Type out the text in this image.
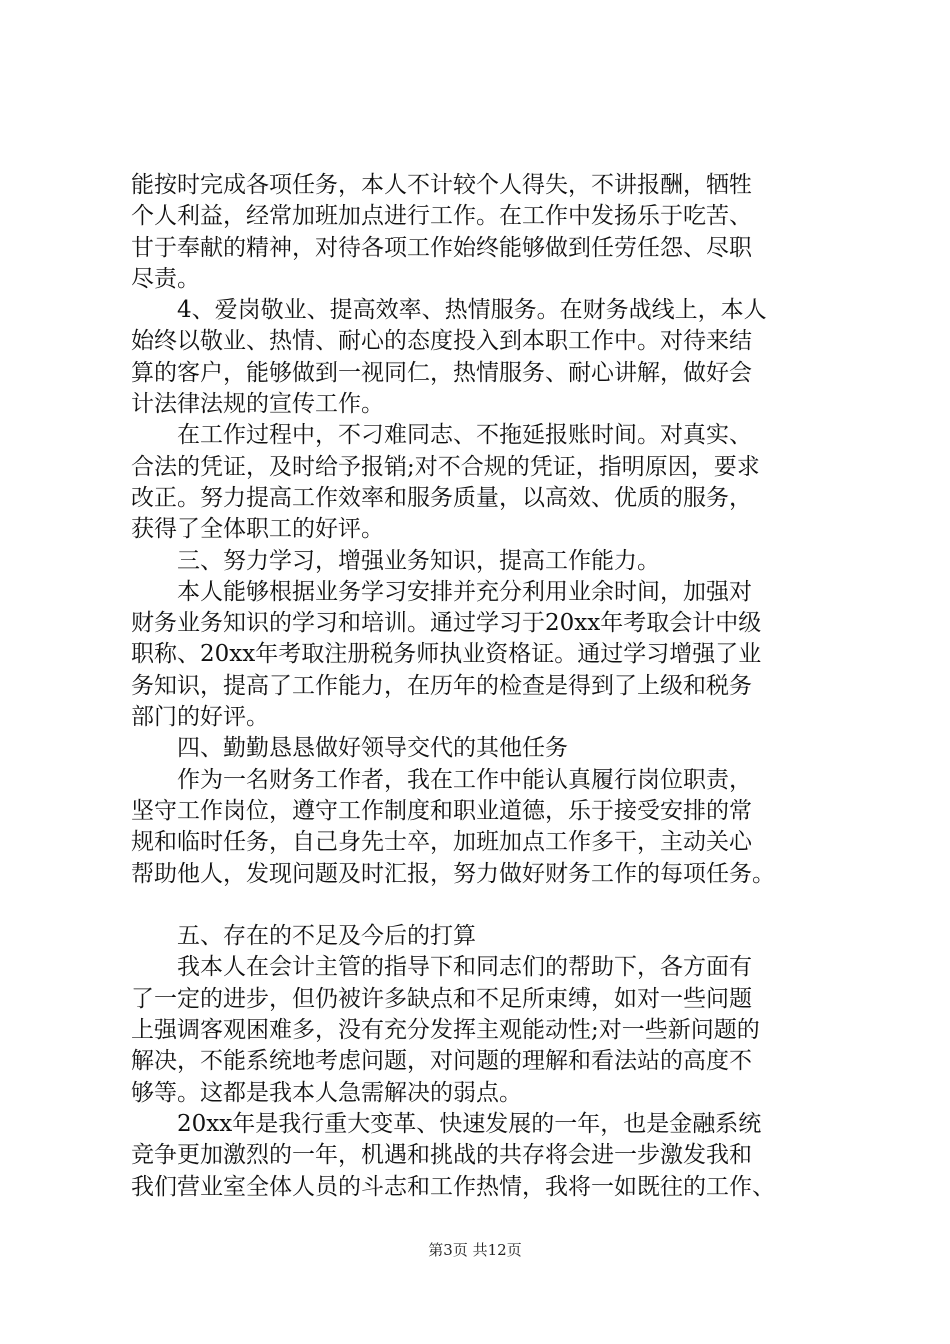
能按时完成各项任务，本人不计较个人得失，不讲报酬，牺牲
个人利益，经常加班加点进行工作。在工作中发扬乐于吃苦、
甘于奉献的精神，对待各项工作始终能够做到任劳任怨、尽职
尽责。
4、爱岗敬业、提高效率、热情服务。在财务战线上，本人
始终以敬业、热情、耐心的态度投入到本职工作中。对待来结
算的客户，能够做到一视同仁，热情服务、耐心讲解，做好会
计法律法规的宣传工作。
在工作过程中，不刁难同志、不拖延报账时间。对真实、
合法的凭证，及时给予报销;对不合规的凭证，指明原因，要求
改正。努力提高工作效率和服务质量，以高效、优质的服务，
获得了全体职工的好评。
三、努力学习，增强业务知识，提高工作能力。
本人能够根据业务学习安排并充分利用业余时间，加强对
财务业务知识的学习和培训。通过学习于20xx年考取会计中级
职称、20xx年考取注册税务师执业资格证。通过学习增强了业
务知识，提高了工作能力，在历年的检查是得到了上级和税务
部门的好评。
四、勤勤恳恳做好领导交代的其他任务
作为一名财务工作者，我在工作中能认真履行岗位职责，
坚守工作岗位，遵守工作制度和职业道德，乐于接受安排的常
规和临时任务，自己身先士卒，加班加点工作多干，主动关心
帮助他人，发现问题及时汇报，努力做好财务工作的每项任务。
五、存在的不足及今后的打算
我本人在会计主管的指导下和同志们的帮助下，各方面有
了一定的进步，但仍被许多缺点和不足所束缚，如对一些问题
上强调客观困难多，没有充分发挥主观能动性;对一些新问题的
解决，不能系统地考虑问题，对问题的理解和看法站的高度不
够等。这都是我本人急需解决的弱点。
20xx年是我行重大变革、快速发展的一年，也是金融系统
竞争更加激烈的一年，机遇和挑战的共存将会进一步激发我和
我们营业室全体人员的斗志和工作热情，我将一如既往的工作、
第3页 共12页
